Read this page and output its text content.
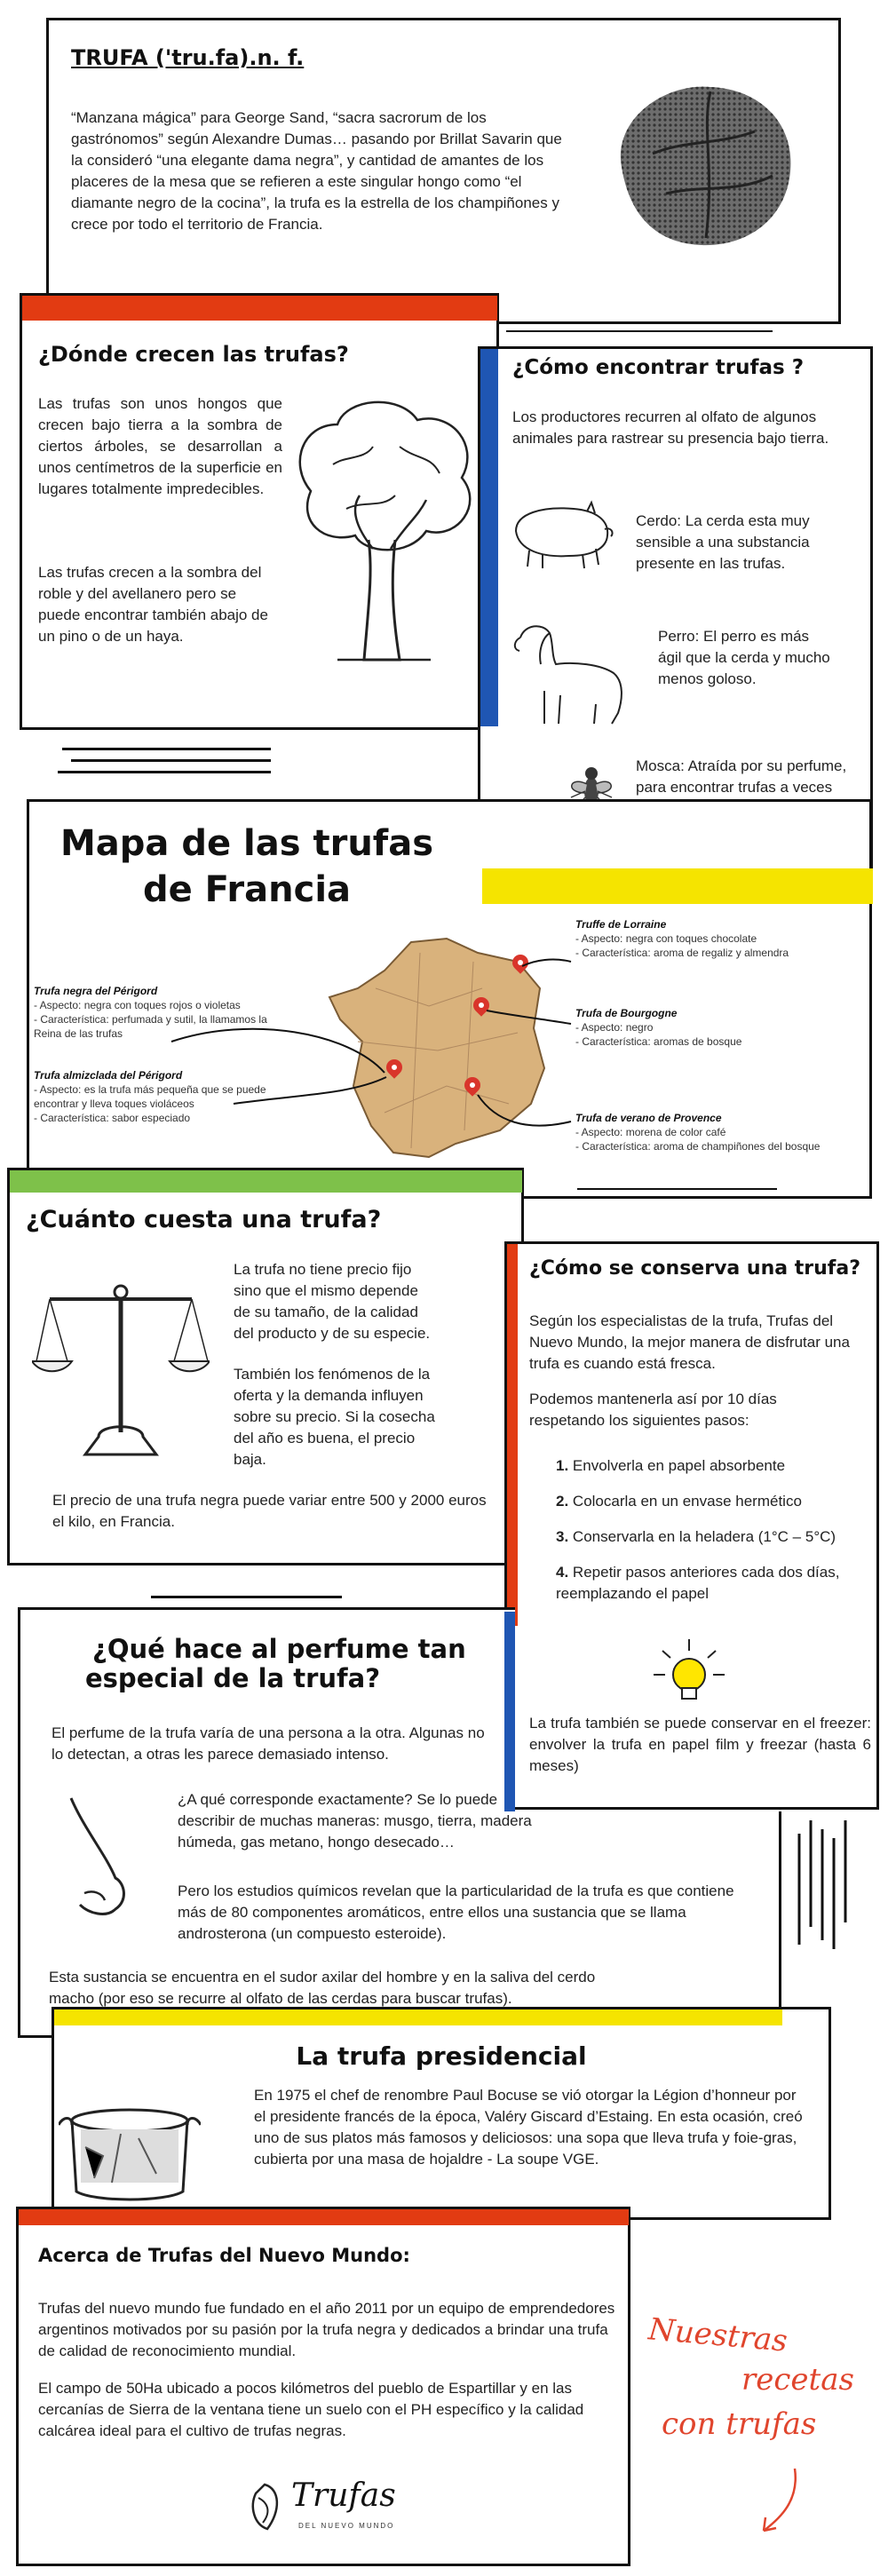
TRUFA ('tru.fa).n. f.
“Manzana mágica” para George Sand, “sacra sacrorum de los gastrónomos” según Alexandre Dumas… pasando por Brillat Savarin que la consideró “una elegante dama negra”, y cantidad de amantes de los placeres de la mesa que se refieren a este singular hongo como “el diamante negro de la cocina”, la trufa es la estrella de los champiñones y crece por todo el territorio de Francia.
¿Dónde crecen las trufas?
Las trufas son unos hongos que crecen bajo tierra a la sombra de ciertos árboles, se desarrollan a unos centímetros de la superficie en lugares totalmente impredecibles.
Las trufas crecen a la sombra del roble y del avellanero pero se puede encontrar también abajo de un pino o de un haya.
¿Cómo encontrar trufas ?
Los productores recurren al olfato de algunos animales para rastrear su presencia bajo tierra.
Cerdo: La cerda esta muy sensible a una substancia presente en las trufas.
Perro: El perro es más ágil que la cerda y mucho menos goloso.
Mosca: Atraída por su perfume, para encontrar trufas a veces
Mapa de las trufas
de Francia
Trufa negra del Périgord
- Aspecto: negra con toques rojos o violetas
- Característica: perfumada y sutil, la llamamos la Reina de las trufas
Trufa almizclada del Périgord
- Aspecto: es la trufa más pequeña que se puede encontrar y lleva toques violáceos
- Característica: sabor especiado
Truffe de Lorraine
- Aspecto: negra con toques chocolate
- Característica: aroma de regaliz y almendra
Trufa de Bourgogne
- Aspecto: negro
- Característica: aromas de bosque
Trufa de verano de Provence
- Aspecto: morena de color café
- Característica: aroma de champiñones del bosque
¿Cuánto cuesta una trufa?
La trufa no tiene precio fijo sino que el mismo depende de su tamaño, de la calidad del producto y de su especie.
También los fenómenos de la oferta y la demanda influyen sobre su precio. Si la cosecha del año es buena, el precio baja.
El precio de una trufa negra puede variar entre 500 y 2000 euros el kilo, en Francia.
¿Cómo se conserva una trufa?
Según los especialistas de la trufa, Trufas del Nuevo Mundo, la mejor manera de disfrutar una trufa es cuando está fresca.
Podemos mantenerla así por 10 días respetando los siguientes pasos:
1. Envolverla en papel absorbente
2. Colocarla en un envase hermético
3. Conservarla en la heladera (1°C – 5°C)
4. Repetir pasos anteriores cada dos días, reemplazando el papel
La trufa también se puede conservar en el freezer: envolver la trufa en papel film y freezar (hasta 6 meses)
¿Qué hace al perfume tan
especial de la trufa?
El perfume de la trufa varía de una persona a la otra. Algunas no lo detectan, a otras les parece demasiado intenso.
¿A qué corresponde exactamente? Se lo puede describir de muchas maneras: musgo, tierra, madera húmeda, gas metano, hongo desecado…
Pero los estudios químicos revelan que la particularidad de la trufa es que contiene más de 80 componentes aromáticos, entre ellos una sustancia que se llama androsterona (un compuesto esteroide).
Esta sustancia se encuentra en el sudor axilar del hombre y en la saliva del cerdo macho (por eso se recurre al olfato de las cerdas para buscar trufas).
La trufa presidencial
En 1975 el chef de renombre Paul Bocuse se vió otorgar la Légion d’honneur por el presidente francés de la época, Valéry Giscard d’Estaing. En esta ocasión, creó uno de sus platos más famosos y deliciosos: una sopa que lleva trufa y foie-gras, cubierta por una masa de hojaldre - La soupe VGE.
Acerca de Trufas del Nuevo Mundo:
Trufas del nuevo mundo fue fundado en el año 2011 por un equipo de emprendedores argentinos motivados por su pasión por la trufa negra y dedicados a brindar una trufa de calidad de reconocimiento mundial.
El campo de 50Ha ubicado a pocos kilómetros del pueblo de Espartillar y en las cercanías de Sierra de la ventana tiene un suelo con el PH específico y la calidad calcárea ideal para el cultivo de trufas negras.
Trufas
DEL NUEVO MUNDO
Nuestras
recetas
con trufas
